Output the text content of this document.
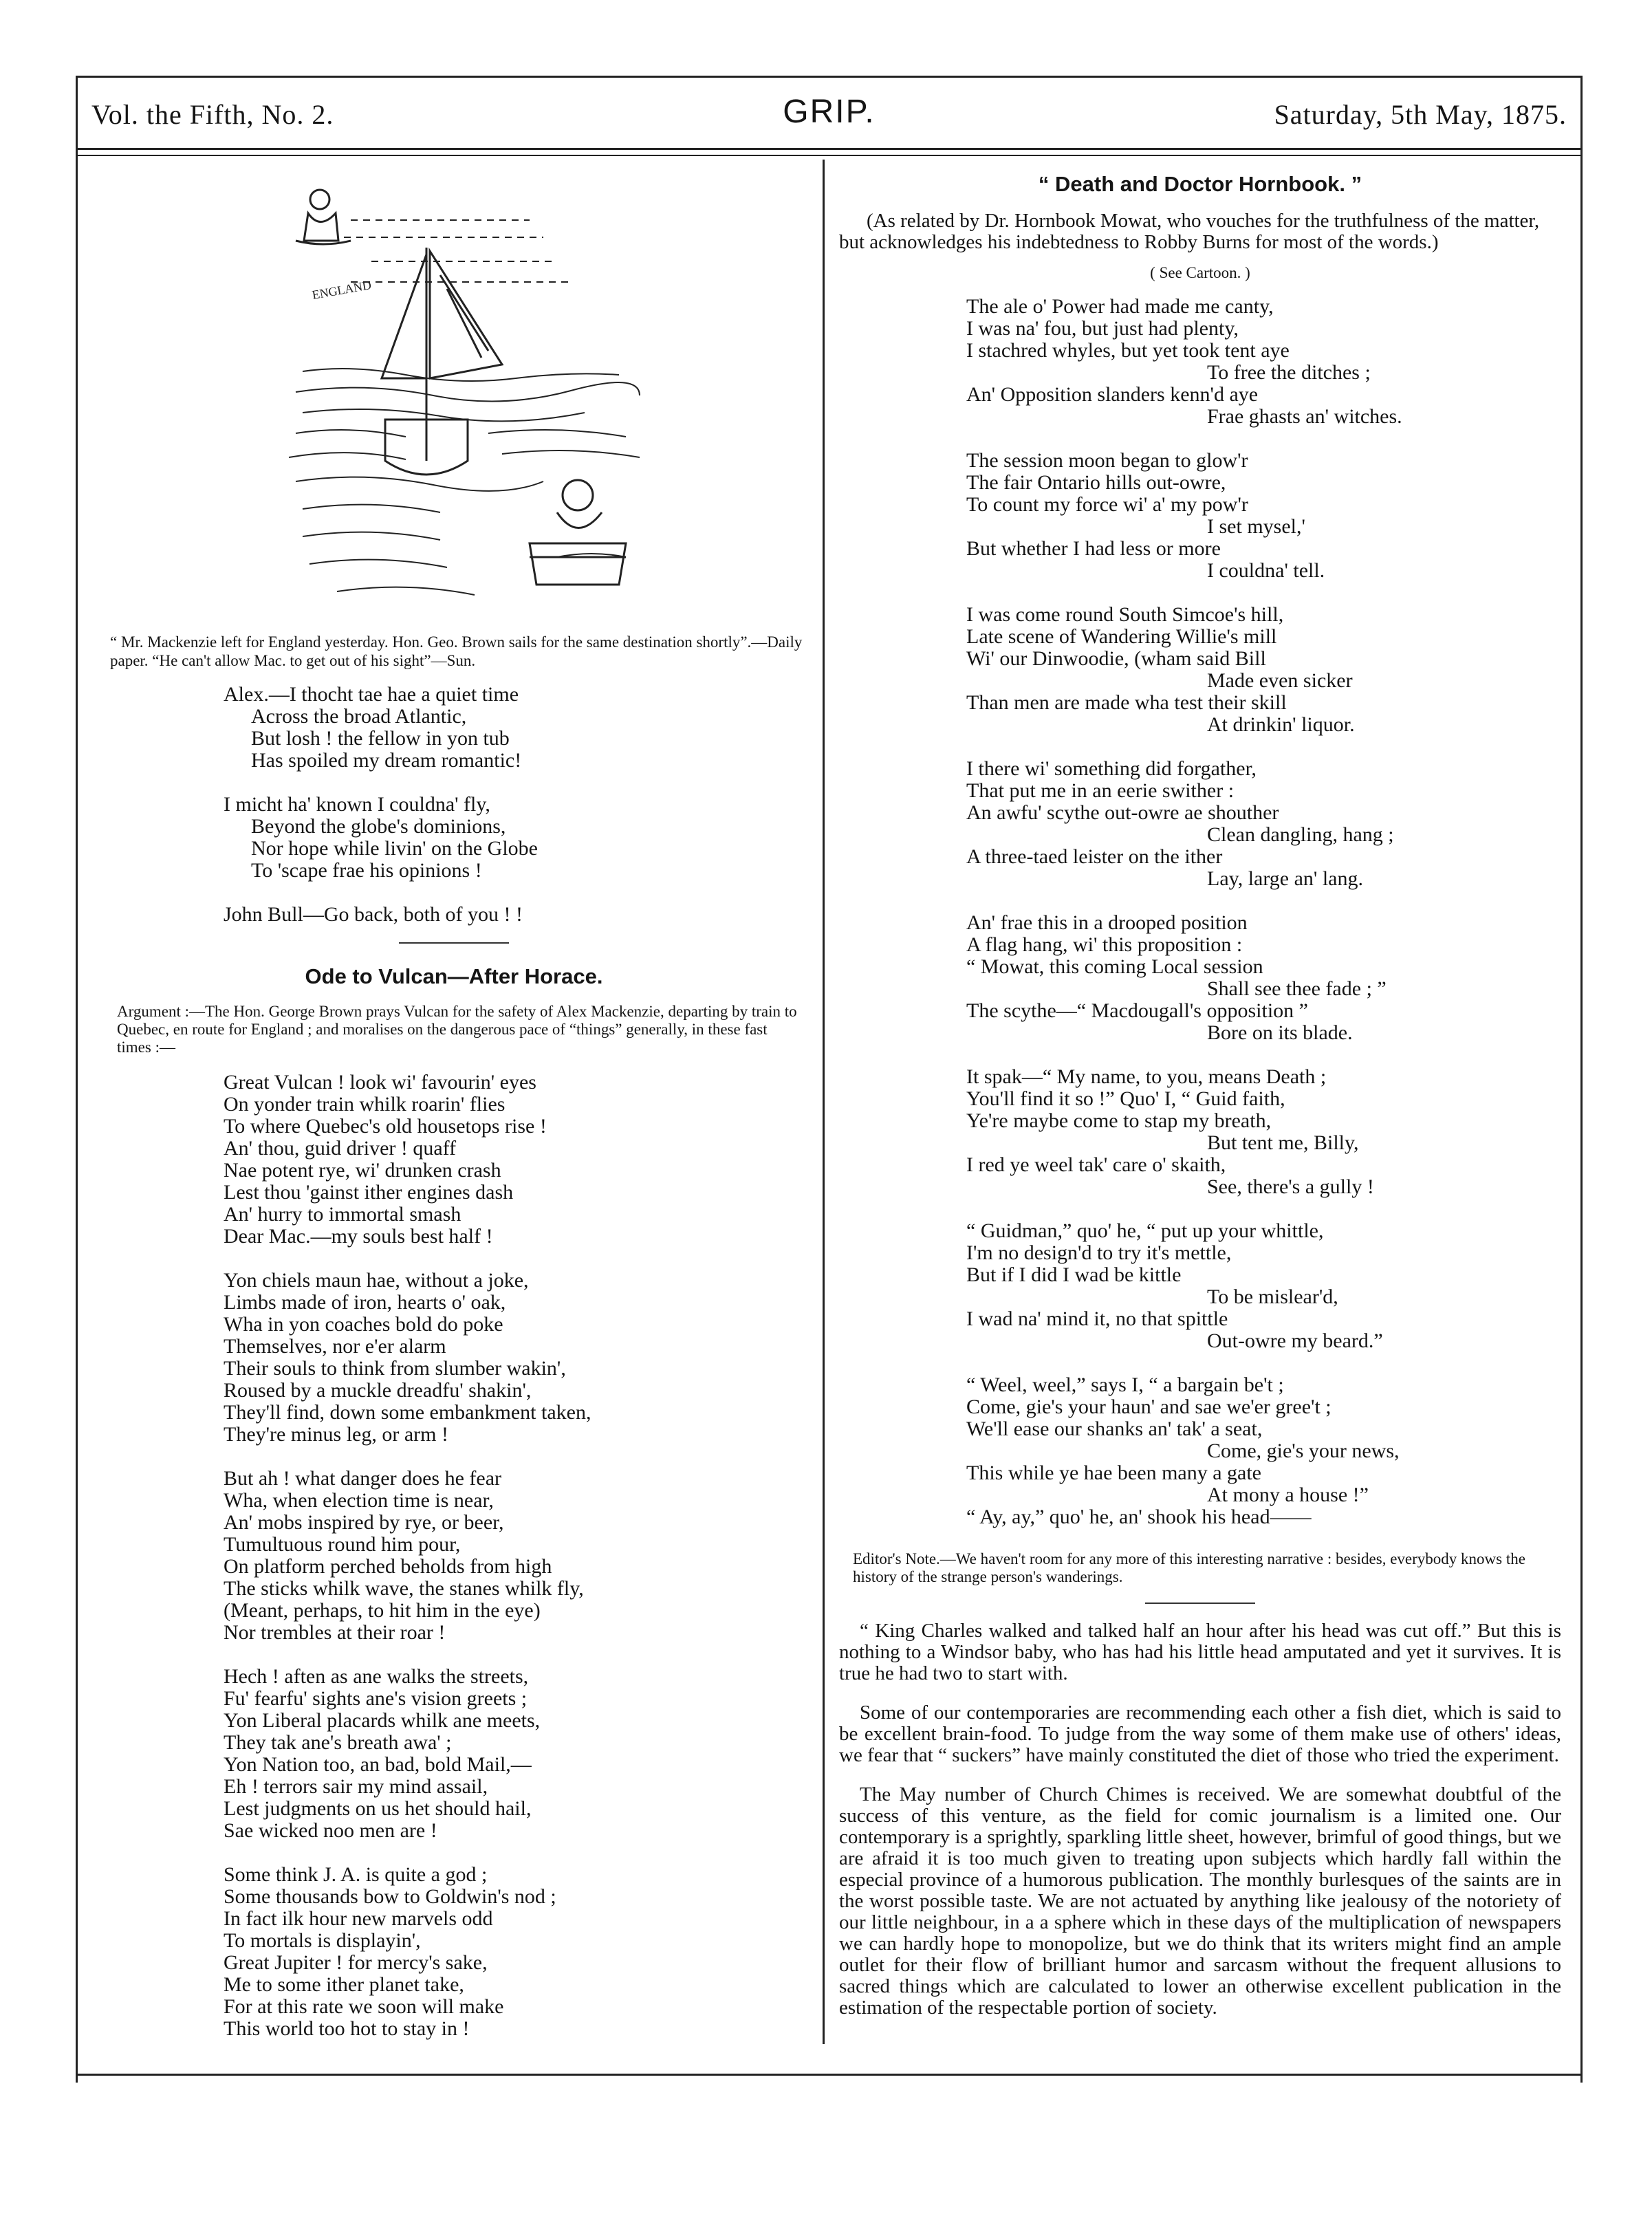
Vol. the Fifth, No. 2.	GRIP.	Saturday, 5th May, 1875.
ENGLAND
“ Mr. Mackenzie left for England yesterday. Hon. Geo. Brown sails for the same destination shortly”.—Daily paper. “He can't allow Mac. to get out of his sight”—Sun.
Alex.—I thocht tae hae a quiet time
Across the broad Atlantic,
But losh ! the fellow in yon tub
Has spoiled my dream romantic!
I micht ha' known I couldna' fly,
Beyond the globe's dominions,
Nor hope while livin' on the Globe
To 'scape frae his opinions !
John Bull—Go back, both of you ! !
Ode to Vulcan—After Horace.
Argument :—The Hon. George Brown prays Vulcan for the safety of Alex Mackenzie, departing by train to Quebec, en route for England ; and moralises on the dangerous pace of “things” generally, in these fast times :—
Great Vulcan ! look wi' favourin' eyes
On yonder train whilk roarin' flies
To where Quebec's old housetops rise !
An' thou, guid driver ! quaff
Nae potent rye, wi' drunken crash
Lest thou 'gainst ither engines dash
An' hurry to immortal smash
Dear Mac.—my souls best half !
Yon chiels maun hae, without a joke,
Limbs made of iron, hearts o' oak,
Wha in yon coaches bold do poke
Themselves, nor e'er alarm
Their souls to think from slumber wakin',
Roused by a muckle dreadfu' shakin',
They'll find, down some embankment taken,
They're minus leg, or arm !
But ah ! what danger does he fear
Wha, when election time is near,
An' mobs inspired by rye, or beer,
Tumultuous round him pour,
On platform perched beholds from high
The sticks whilk wave, the stanes whilk fly,
(Meant, perhaps, to hit him in the eye)
Nor trembles at their roar !
Hech ! aften as ane walks the streets,
Fu' fearfu' sights ane's vision greets ;
Yon Liberal placards whilk ane meets,
They tak ane's breath awa' ;
Yon Nation too, an bad, bold Mail,—
Eh ! terrors sair my mind assail,
Lest judgments on us het should hail,
Sae wicked noo men are !
Some think J. A. is quite a god ;
Some thousands bow to Goldwin's nod ;
In fact ilk hour new marvels odd
To mortals is displayin',
Great Jupiter ! for mercy's sake,
Me to some ither planet take,
For at this rate we soon will make
This world too hot to stay in !
“ Death and Doctor Hornbook. ”
(As related by Dr. Hornbook Mowat, who vouches for the truthfulness of the matter, but acknowledges his indebtedness to Robby Burns for most of the words.)
( See Cartoon. )
The ale o' Power had made me canty,
I was na' fou, but just had plenty,
I stachred whyles, but yet took tent aye
To free the ditches ;
An' Opposition slanders kenn'd aye
Frae ghasts an' witches.
The session moon began to glow'r
The fair Ontario hills out-owre,
To count my force wi' a' my pow'r
I set mysel,'
But whether I had less or more
I couldna' tell.
I was come round South Simcoe's hill,
Late scene of Wandering Willie's mill
Wi' our Dinwoodie, (wham said Bill
Made even sicker
Than men are made wha test their skill
At drinkin' liquor.
I there wi' something did forgather,
That put me in an eerie swither :
An awfu' scythe out-owre ae shouther
Clean dangling, hang ;
A three-taed leister on the ither
Lay, large an' lang.
An' frae this in a drooped position
A flag hang, wi' this proposition :
“ Mowat, this coming Local session
Shall see thee fade ; ”
The scythe—“ Macdougall's opposition ”
Bore on its blade.
It spak—“ My name, to you, means Death ;
You'll find it so !” Quo' I, “ Guid faith,
Ye're maybe come to stap my breath,
But tent me, Billy,
I red ye weel tak' care o' skaith,
See, there's a gully !
“ Guidman,” quo' he, “ put up your whittle,
I'm no design'd to try it's mettle,
But if I did I wad be kittle
To be mislear'd,
I wad na' mind it, no that spittle
Out-owre my beard.”
“ Weel, weel,” says I, “ a bargain be't ;
Come, gie's your haun' and sae we'er gree't ;
We'll ease our shanks an' tak' a seat,
Come, gie's your news,
This while ye hae been many a gate
At mony a house !”
“ Ay, ay,” quo' he, an' shook his head——
Editor's Note.—We haven't room for any more of this interesting narrative : besides, everybody knows the history of the strange person's wanderings.
“ King Charles walked and talked half an hour after his head was cut off.” But this is nothing to a Windsor baby, who has had his little head amputated and yet it survives. It is true he had two to start with.
Some of our contemporaries are recommending each other a fish diet, which is said to be excellent brain-food. To judge from the way some of them make use of others' ideas, we fear that “ suckers” have mainly constituted the diet of those who tried the experiment.
The May number of Church Chimes is received. We are somewhat doubtful of the success of this venture, as the field for comic journalism is a limited one. Our contemporary is a sprightly, sparkling little sheet, however, brimful of good things, but we are afraid it is too much given to treating upon subjects which hardly fall within the especial province of a humorous publication. The monthly burlesques of the saints are in the worst possible taste. We are not actuated by anything like jealousy of the notoriety of our little neighbour, in a a sphere which in these days of the multiplication of newspapers we can hardly hope to monopolize, but we do think that its writers might find an ample outlet for their flow of brilliant humor and sarcasm without the frequent allusions to sacred things which are calculated to lower an otherwise excellent publication in the estimation of the respectable portion of society.
